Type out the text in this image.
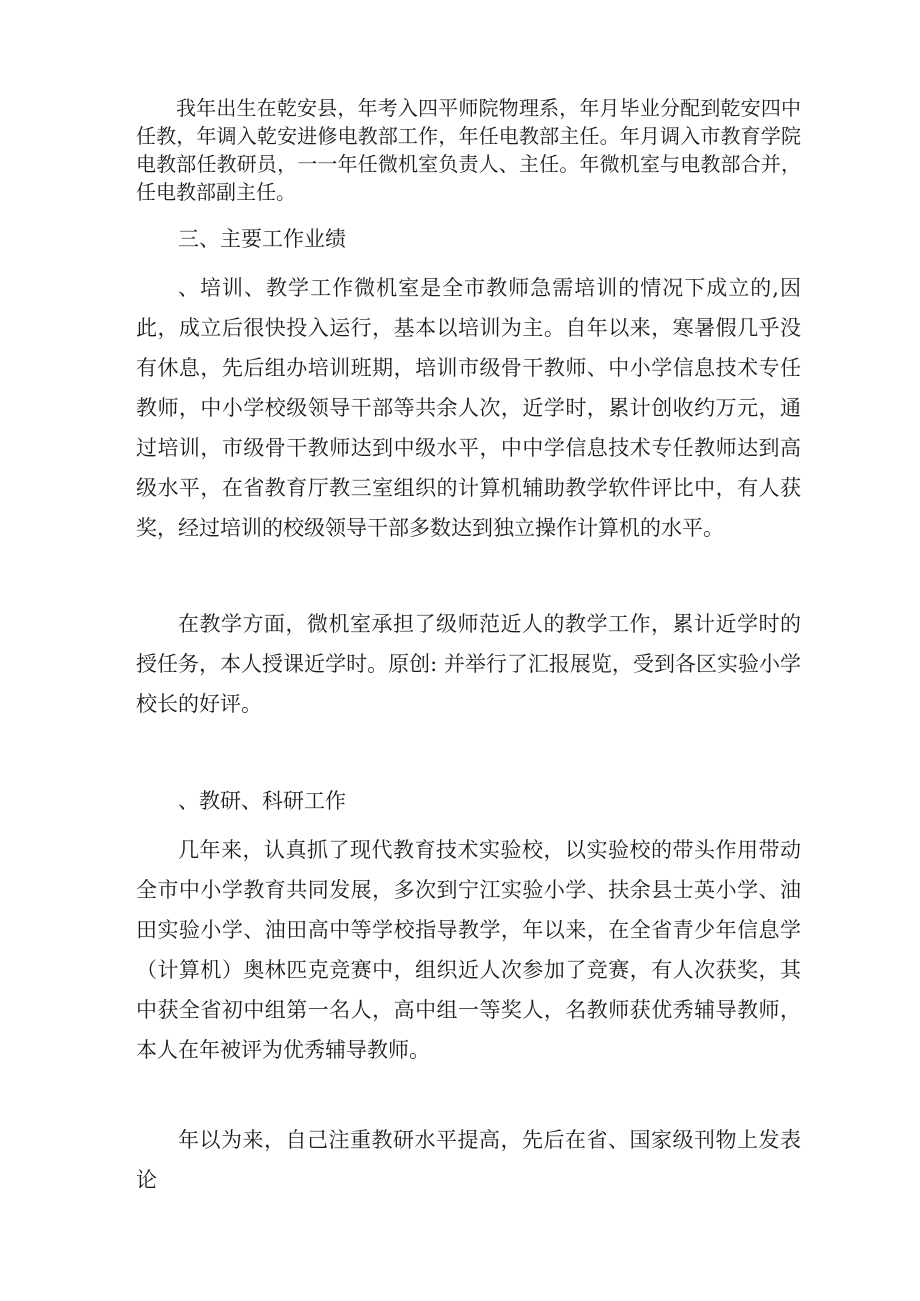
我年出生在乾安县，年考入四平师院物理系，年月毕业分配到乾安四中任教，年调入乾安进修电教部工作，年任电教部主任。年月调入市教育学院电教部任教研员，一一年任微机室负责人、主任。年微机室与电教部合并，任电教部副主任。

三、主要工作业绩

、培训、教学工作微机室是全市教师急需培训的情况下成立的,因此，成立后很快投入运行，基本以培训为主。自年以来，寒暑假几乎没有休息，先后组办培训班期，培训市级骨干教师、中小学信息技术专任教师，中小学校级领导干部等共余人次，近学时，累计创收约万元，通过培训，市级骨干教师达到中级水平，中中学信息技术专任教师达到高级水平，在省教育厅教三室组织的计算机辅助教学软件评比中，有人获奖，经过培训的校级领导干部多数达到独立操作计算机的水平。

在教学方面，微机室承担了级师范近人的教学工作，累计近学时的授任务，本人授课近学时。原创: 并举行了汇报展览，受到各区实验小学校长的好评。

、教研、科研工作

几年来，认真抓了现代教育技术实验校，以实验校的带头作用带动全市中小学教育共同发展，多次到宁江实验小学、扶余县士英小学、油田实验小学、油田高中等学校指导教学，年以来，在全省青少年信息学（计算机）奥林匹克竞赛中，组织近人次参加了竞赛，有人次获奖，其中获全省初中组第一名人，高中组一等奖人，名教师获优秀辅导教师，本人在年被评为优秀辅导教师。

年以为来，自己注重教研水平提高，先后在省、国家级刊物上发表论
